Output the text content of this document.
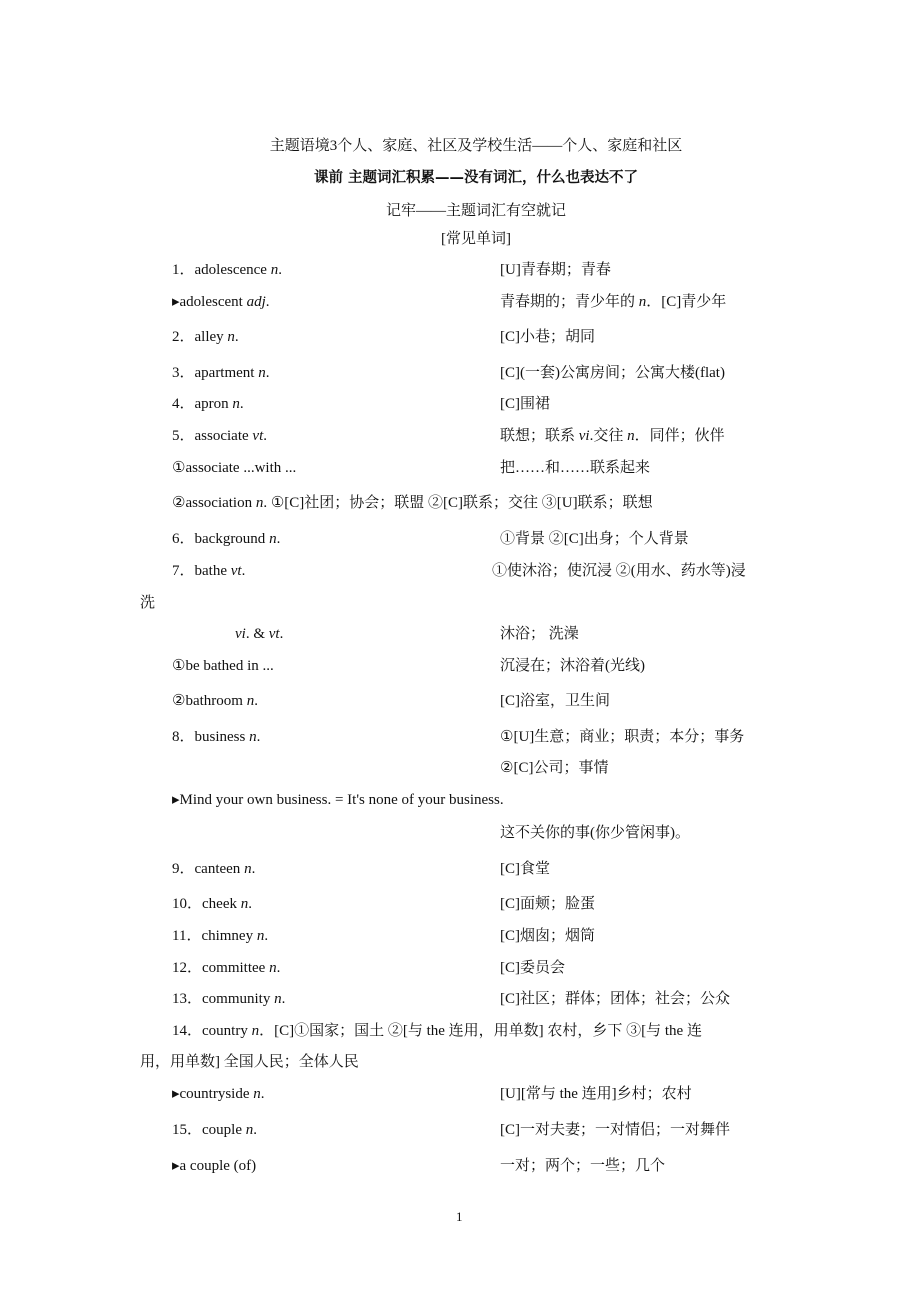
主题语境3个人、家庭、社区及学校生活——个人、家庭和社区
课前 主题词汇积累——没有词汇，什么也表达不了
记牢——主题词汇有空就记
[常见单词]
1．adolescence n.	[U]青春期；青春
▸adolescent adj.	青春期的；青少年的 n．[C]青少年
2．alley n.	[C]小巷；胡同
3．apartment n.	[C](一套)公寓房间；公寓大楼(flat)
4．apron n.	[C]围裙
5．associate vt.	联想；联系 vi.交往 n．同伴；伙伴
①associate ...with ...	把……和……联系起来
②association n. ①[C]社团；协会；联盟 ②[C]联系；交往 ③[U]联系；联想
6．background n.	①背景 ②[C]出身；个人背景
7．bathe vt.	①使沐浴；使沉浸 ②(用水、药水等)浸
洗
vi. & vt.	沐浴； 洗澡
①be bathed in ...	沉浸在；沐浴着(光线)
②bathroom n.	[C]浴室，卫生间
8．business n.	①[U]生意；商业；职责；本分；事务
②[C]公司；事情
▸Mind your own business. = It's none of your business.
这不关你的事(你少管闲事)。
9．canteen n.	[C]食堂
10．cheek n.	[C]面颊；脸蛋
11．chimney n.	[C]烟囱；烟筒
12．committee n.	[C]委员会
13．community n.	[C]社区；群体；团体；社会；公众
14．country n．[C]①国家；国土 ②[与 the 连用，用单数] 农村，乡下 ③[与 the 连
用，用单数] 全国人民；全体人民
▸countryside n.	[U][常与 the 连用]乡村；农村
15．couple n.	[C]一对夫妻；一对情侣；一对舞伴
▸a couple (of)	一对；两个；一些；几个
1
